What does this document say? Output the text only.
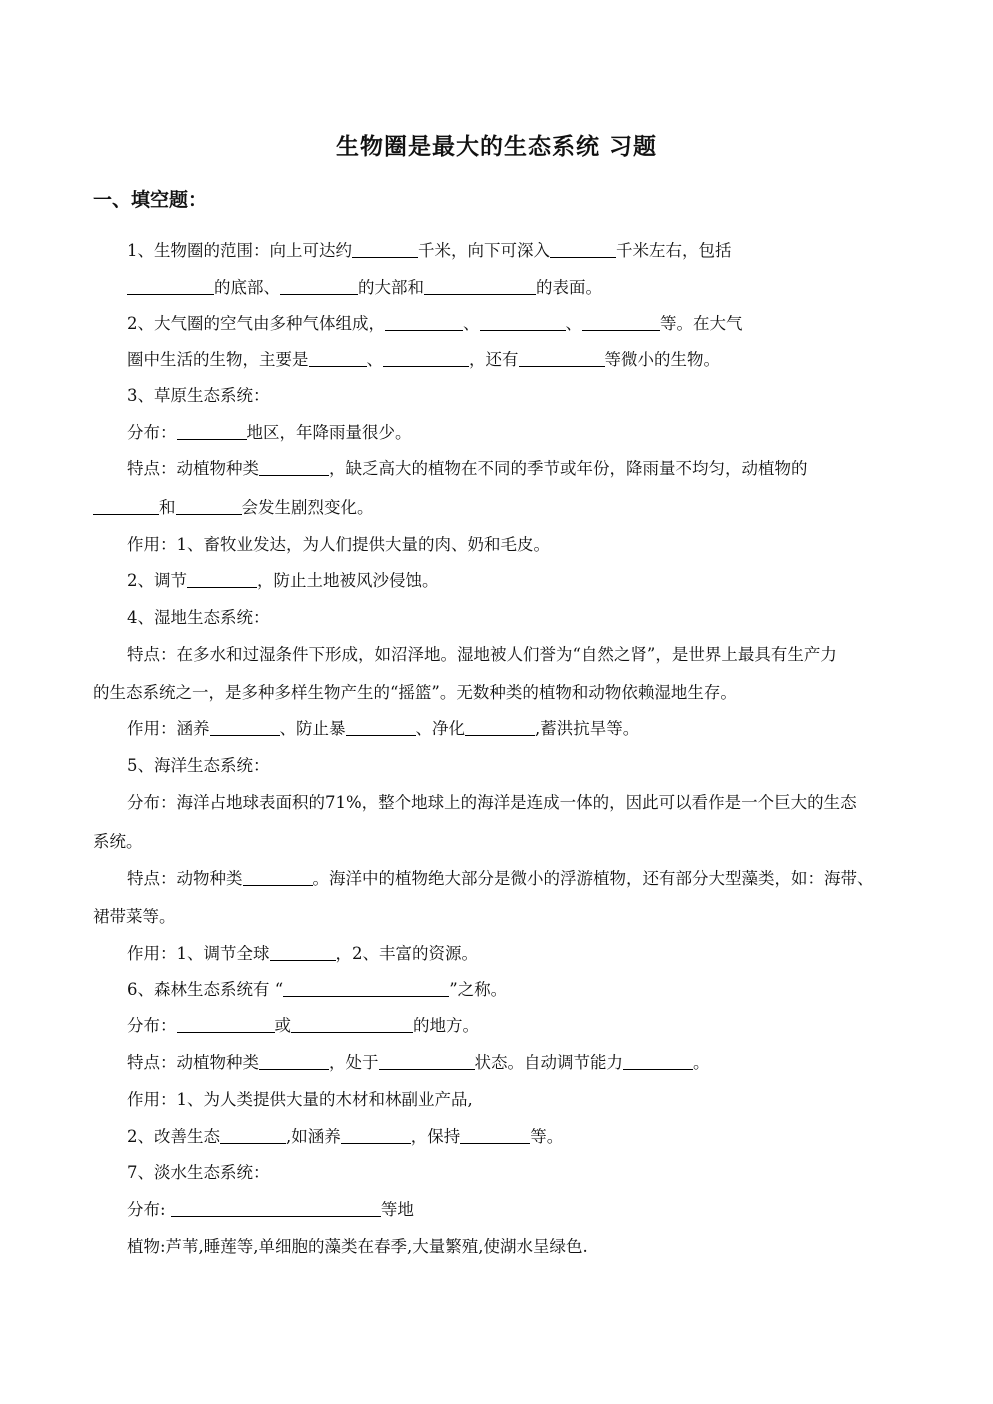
生物圈是最大的生态系统 习题
一、填空题：
1、生物圈的范围：向上可达约	千米，向下可深入	千米左右，包括
的底部、	的大部和	的表面。
2、大气圈的空气由多种气体组成，	、	、	等。在大气
圈中生活的生物，主要是	、	，还有	等微小的生物。
3、草原生态系统：
分布：	地区，年降雨量很少。
特点：动植物种类	，缺乏高大的植物在不同的季节或年份，降雨量不均匀，动植物的
和	会发生剧烈变化。
作用：1、畜牧业发达，为人们提供大量的肉、奶和毛皮。
2、调节	，防止土地被风沙侵蚀。
4、湿地生态系统：
特点：在多水和过湿条件下形成，如沼泽地。湿地被人们誉为“自然之肾”，是世界上最具有生产力
的生态系统之一，是多种多样生物产生的“摇篮”。无数种类的植物和动物依赖湿地生存。
作用：涵养	、防止暴	、净化	,蓄洪抗旱等。
5、海洋生态系统：
分布：海洋占地球表面积的71%，整个地球上的海洋是连成一体的，因此可以看作是一个巨大的生态
系统。
特点：动物种类	。海洋中的植物绝大部分是微小的浮游植物，还有部分大型藻类，如：海带、
裙带菜等。
作用：1、调节全球	，2、丰富的资源。
6、森林生态系统有 “	”之称。
分布：	或	的地方。
特点：动植物种类	，处于	状态。自动调节能力	。
作用：1、为人类提供大量的木材和林副业产品,
2、改善生态	,如涵养	，保持	等。
7、淡水生态系统：
分布:	等地
植物:芦苇,睡莲等,单细胞的藻类在春季,大量繁殖,使湖水呈绿色.
